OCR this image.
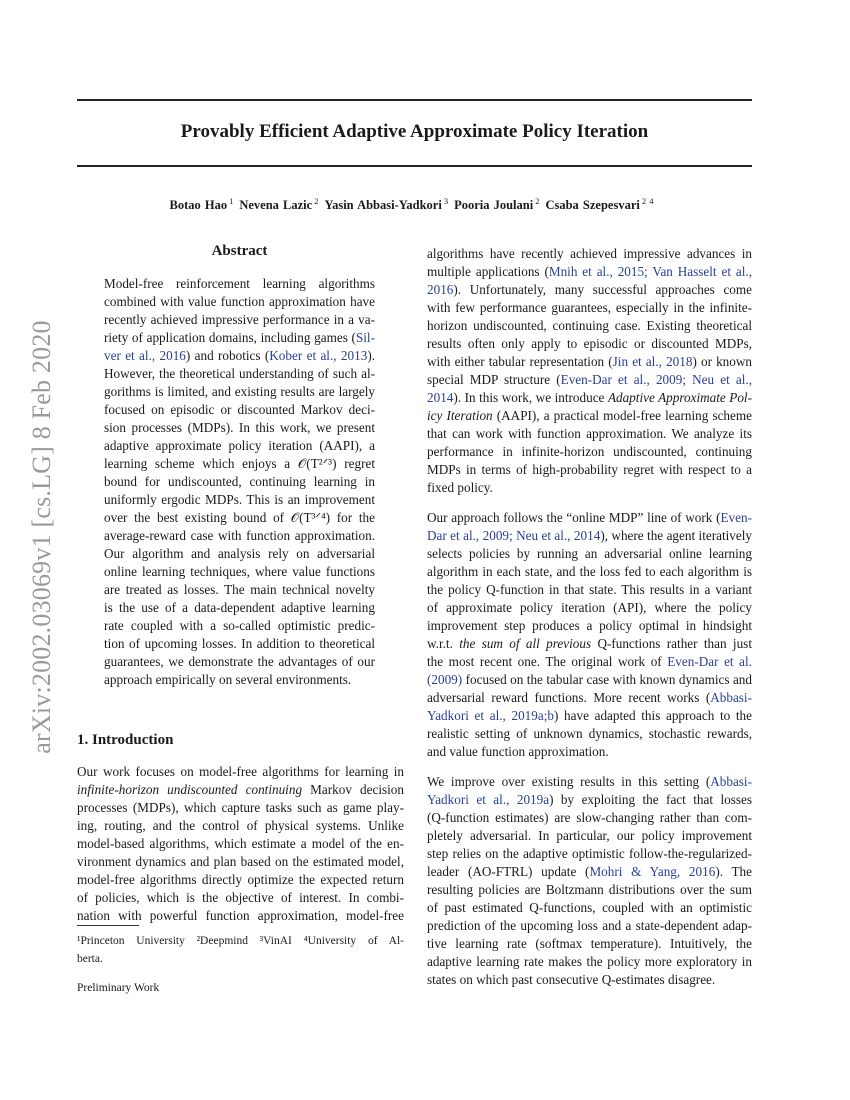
arXiv:2002.03069v1 [cs.LG] 8 Feb 2020
Provably Efficient Adaptive Approximate Policy Iteration
Botao Hao $^1$ Nevena Lazic $^2$ Yasin Abbasi-Yadkori $^3$ Pooria Joulani $^2$ Csaba Szepesvari $^{2 4}$
Abstract
Model-free reinforcement learning algorithms
combined with value function approximation have
recently achieved impressive performance in a va-
riety of application domains, including games (Sil-
ver et al., 2016) and robotics (Kober et al., 2013).
However, the theoretical understanding of such al-
gorithms is limited, and existing results are largely
focused on episodic or discounted Markov deci-
sion processes (MDPs). In this work, we present
adaptive approximate policy iteration (AAPI), a
learning scheme which enjoys a 𝒪(T²ᐟ³) regret
bound for undiscounted, continuing learning in
uniformly ergodic MDPs. This is an improvement
over the best existing bound of 𝒪(T³ᐟ⁴) for the
average-reward case with function approximation.
Our algorithm and analysis rely on adversarial
online learning techniques, where value functions
are treated as losses. The main technical novelty
is the use of a data-dependent adaptive learning
rate coupled with a so-called optimistic predic-
tion of upcoming losses. In addition to theoretical
guarantees, we demonstrate the advantages of our
approach empirically on several environments.
1. Introduction
Our work focuses on model-free algorithms for learning in
infinite-horizon undiscounted continuing Markov decision
processes (MDPs), which capture tasks such as game play-
ing, routing, and the control of physical systems. Unlike
model-based algorithms, which estimate a model of the en-
vironment dynamics and plan based on the estimated model,
model-free algorithms directly optimize the expected return
of policies, which is the objective of interest. In combi-
nation with powerful function approximation, model-free
algorithms have recently achieved impressive advances in
multiple applications (Mnih et al., 2015; Van Hasselt et al.,
2016). Unfortunately, many successful approaches come
with few performance guarantees, especially in the infinite-
horizon undiscounted, continuing case. Existing theoretical
results often only apply to episodic or discounted MDPs,
with either tabular representation (Jin et al., 2018) or known
special MDP structure (Even-Dar et al., 2009; Neu et al.,
2014). In this work, we introduce Adaptive Approximate Pol-
icy Iteration (AAPI), a practical model-free learning scheme
that can work with function approximation. We analyze its
performance in infinite-horizon undiscounted, continuing
MDPs in terms of high-probability regret with respect to a
fixed policy.
Our approach follows the “online MDP” line of work (Even-
Dar et al., 2009; Neu et al., 2014), where the agent iteratively
selects policies by running an adversarial online learning
algorithm in each state, and the loss fed to each algorithm is
the policy Q-function in that state. This results in a variant
of approximate policy iteration (API), where the policy
improvement step produces a policy optimal in hindsight
w.r.t. the sum of all previous Q-functions rather than just
the most recent one. The original work of Even-Dar et al.
(2009) focused on the tabular case with known dynamics and
adversarial reward functions. More recent works (Abbasi-
Yadkori et al., 2019a;b) have adapted this approach to the
realistic setting of unknown dynamics, stochastic rewards,
and value function approximation.
We improve over existing results in this setting (Abbasi-
Yadkori et al., 2019a) by exploiting the fact that losses
(Q-function estimates) are slow-changing rather than com-
pletely adversarial. In particular, our policy improvement
step relies on the adaptive optimistic follow-the-regularized-
leader (AO-FTRL) update (Mohri & Yang, 2016). The
resulting policies are Boltzmann distributions over the sum
of past estimated Q-functions, coupled with an optimistic
prediction of the upcoming loss and a state-dependent adap-
tive learning rate (softmax temperature). Intuitively, the
adaptive learning rate makes the policy more exploratory in
states on which past consecutive Q-estimates disagree.
¹Princeton University ²Deepmind ³VinAI ⁴University of Al-
berta.
Preliminary Work
